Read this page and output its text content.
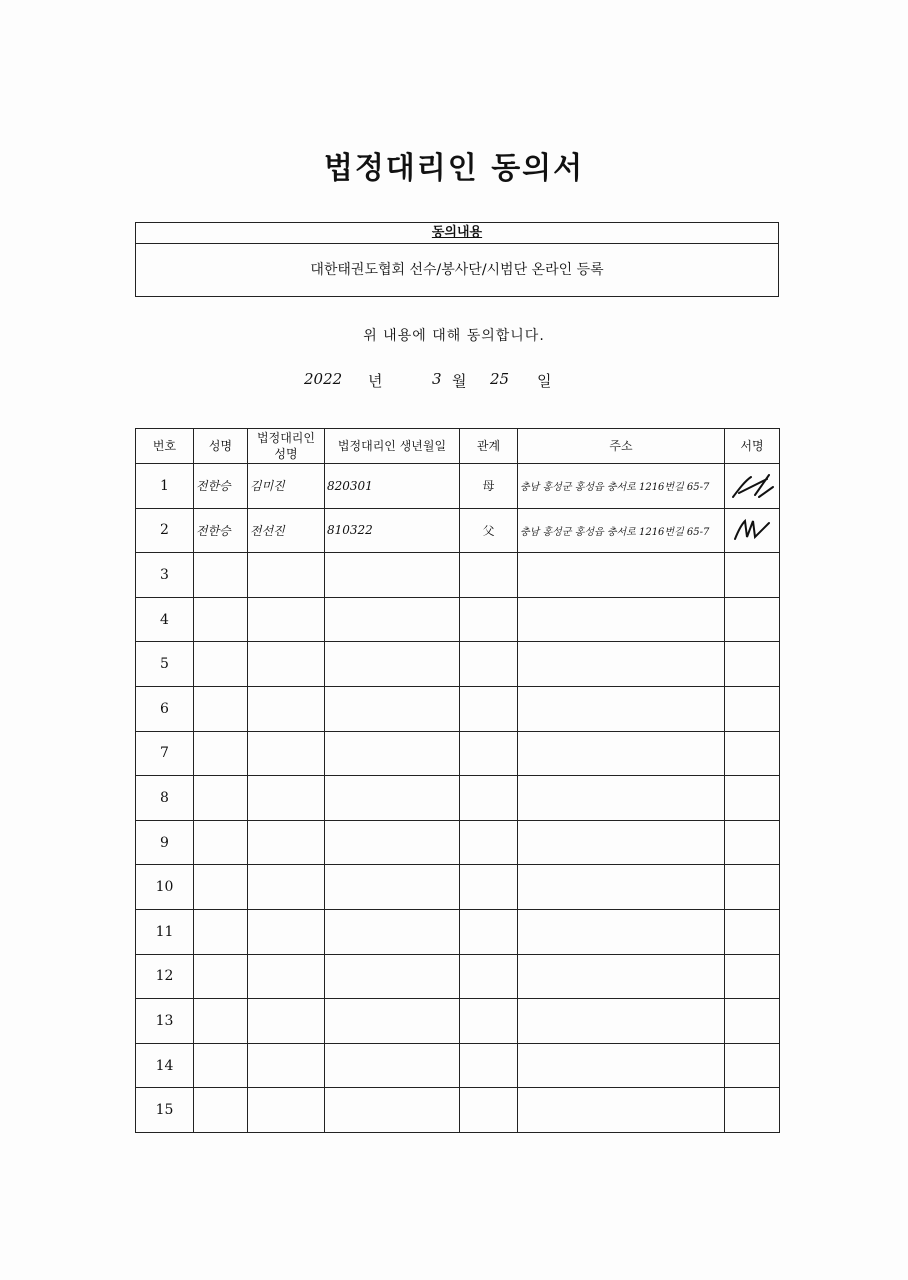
법정대리인 동의서
동의내용
대한태권도협회 선수/봉사단/시범단 온라인 등록
위 내용에 대해 동의합니다.
2022 년	3 월 25 일
번호	성명	법정대리인 성명	법정대리인 생년월일	관계	주소	서명
1	전한승	김미진	820301	母	충남 홍성군 홍성읍 충서로 1216번길 65-7	

2	전한승	전선진	810322	父	충남 홍성군 홍성읍 충서로 1216번길 65-7	

3						
4						
5						
6						
7						
8						
9						
10						
11						
12						
13						
14						
15						
